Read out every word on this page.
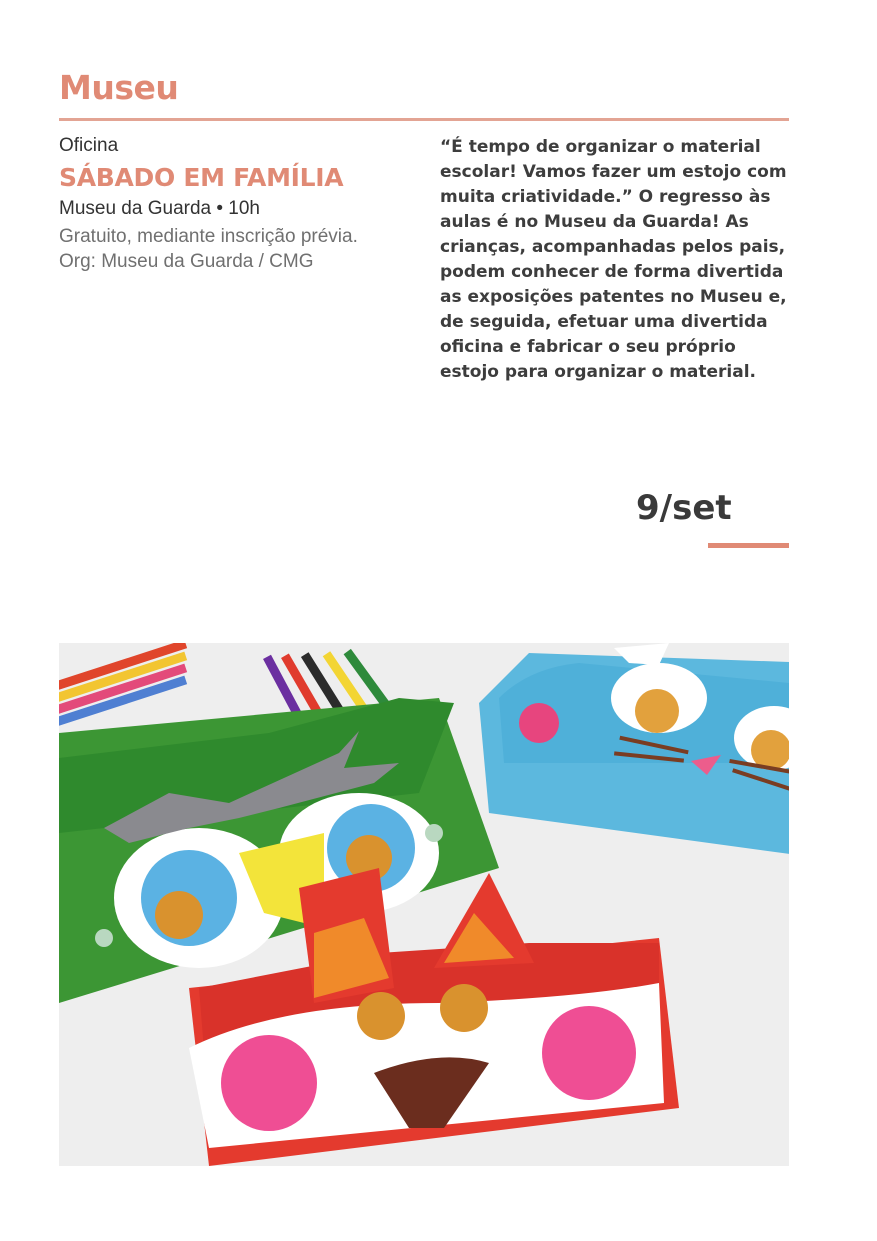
Museu

Oficina

SÁBADO EM FAMÍLIA

Museu da Guarda • 10h

Gratuito, mediante inscrição prévia.

Org: Museu da Guarda / CMG

“É tempo de organizar o material escolar! Vamos fazer um estojo com muita criatividade.” O regresso às aulas é no Museu da Guarda! As crianças, acompanhadas pelos pais, podem conhecer de forma divertida as exposições patentes no Museu e, de seguida, efetuar uma divertida oficina e fabricar o seu próprio estojo para organizar o material.

9/set
